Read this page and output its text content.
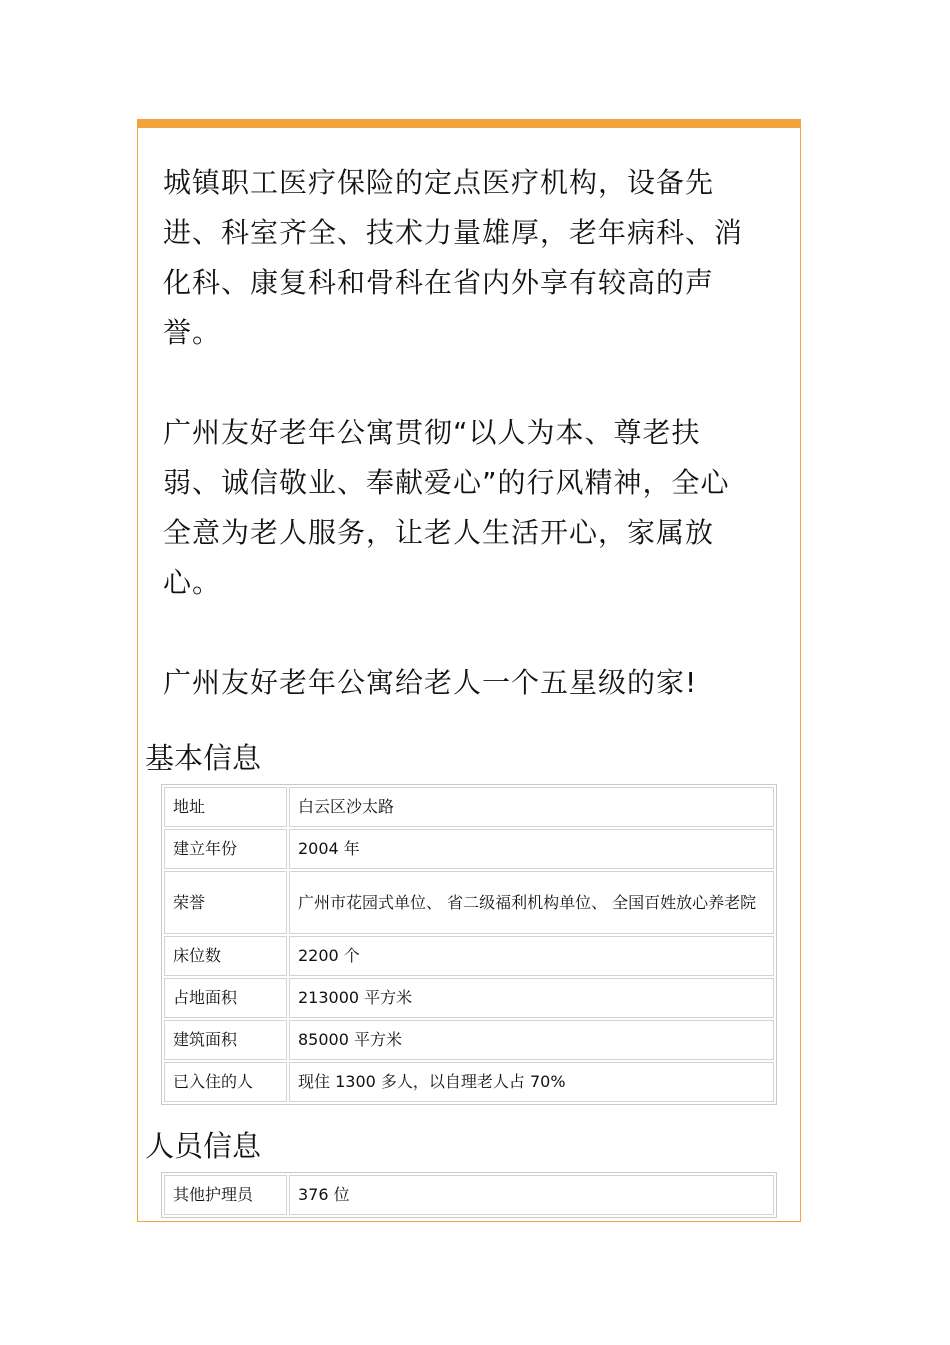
城镇职工医疗保险的定点医疗机构，设备先进、科室齐全、技术力量雄厚，老年病科、消化科、康复科和骨科在省内外享有较高的声誉。

广州友好老年公寓贯彻“以人为本、尊老扶弱、诚信敬业、奉献爱心”的行风精神，全心全意为老人服务，让老人生活开心，家属放心。

广州友好老年公寓给老人一个五星级的家!

基本信息
地址	白云区沙太路
建立年份	2004 年
荣誉	广州市花园式单位、 省二级福利机构单位、 全国百姓放心养老院
床位数	2200 个
占地面积	213000 平方米
建筑面积	85000 平方米
已入住的人	现住 1300 多人，以自理老人占 70%
人员信息
其他护理员	376 位
